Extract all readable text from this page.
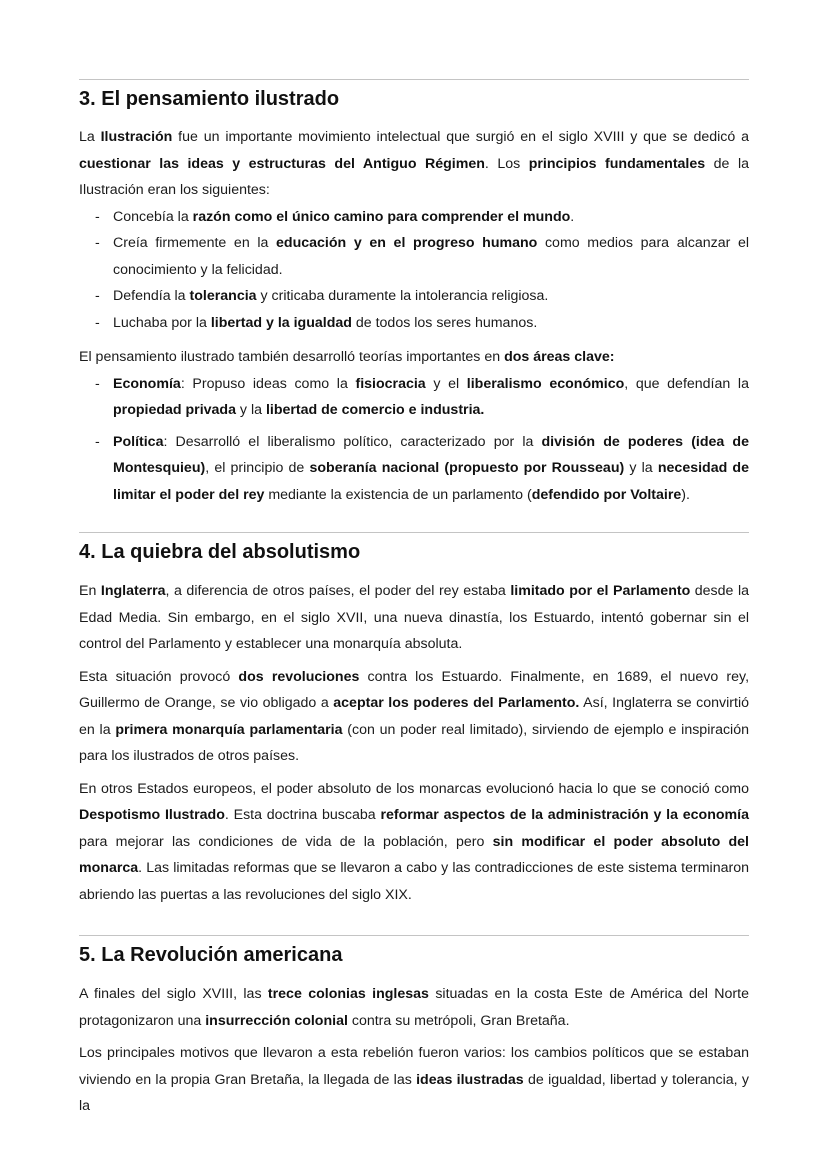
3. El pensamiento ilustrado

La Ilustración fue un importante movimiento intelectual que surgió en el siglo XVIII y que se dedicó a cuestionar las ideas y estructuras del Antiguo Régimen. Los principios fundamentales de la Ilustración eran los siguientes:

- Concebía la razón como el único camino para comprender el mundo.
- Creía firmemente en la educación y en el progreso humano como medios para alcanzar el conocimiento y la felicidad.
- Defendía la tolerancia y criticaba duramente la intolerancia religiosa.
- Luchaba por la libertad y la igualdad de todos los seres humanos.

El pensamiento ilustrado también desarrolló teorías importantes en dos áreas clave:

- Economía: Propuso ideas como la fisiocracia y el liberalismo económico, que defendían la propiedad privada y la libertad de comercio e industria.
- Política: Desarrolló el liberalismo político, caracterizado por la división de poderes (idea de Montesquieu), el principio de soberanía nacional (propuesto por Rousseau) y la necesidad de limitar el poder del rey mediante la existencia de un parlamento (defendido por Voltaire).
4. La quiebra del absolutismo

En Inglaterra, a diferencia de otros países, el poder del rey estaba limitado por el Parlamento desde la Edad Media. Sin embargo, en el siglo XVII, una nueva dinastía, los Estuardo, intentó gobernar sin el control del Parlamento y establecer una monarquía absoluta.

Esta situación provocó dos revoluciones contra los Estuardo. Finalmente, en 1689, el nuevo rey, Guillermo de Orange, se vio obligado a aceptar los poderes del Parlamento. Así, Inglaterra se convirtió en la primera monarquía parlamentaria (con un poder real limitado), sirviendo de ejemplo e inspiración para los ilustrados de otros países.

En otros Estados europeos, el poder absoluto de los monarcas evolucionó hacia lo que se conoció como Despotismo Ilustrado. Esta doctrina buscaba reformar aspectos de la administración y la economía para mejorar las condiciones de vida de la población, pero sin modificar el poder absoluto del monarca. Las limitadas reformas que se llevaron a cabo y las contradicciones de este sistema terminaron abriendo las puertas a las revoluciones del siglo XIX.

5. La Revolución americana

A finales del siglo XVIII, las trece colonias inglesas situadas en la costa Este de América del Norte protagonizaron una insurrección colonial contra su metrópoli, Gran Bretaña.

Los principales motivos que llevaron a esta rebelión fueron varios: los cambios políticos que se estaban viviendo en la propia Gran Bretaña, la llegada de las ideas ilustradas de igualdad, libertad y tolerancia, y la
